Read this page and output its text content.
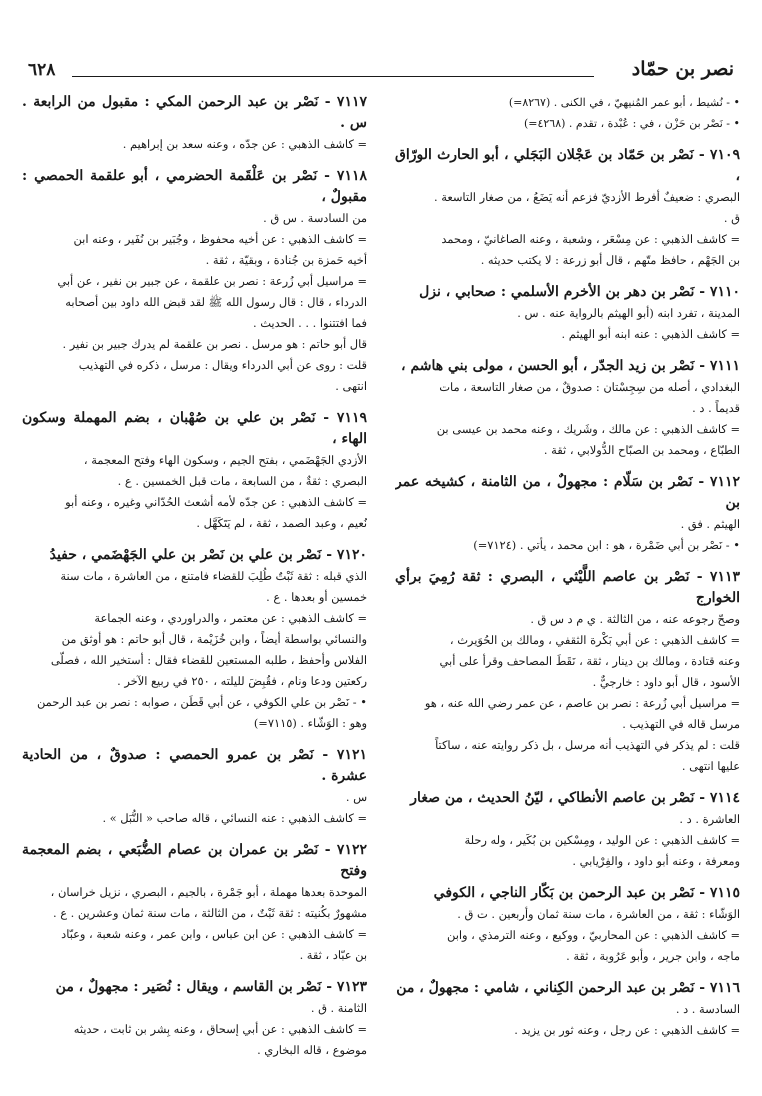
نصر بن حمّاد
٦٢٨
• - نُشيط ، أبو عمر المُنيهيّ ، في الكنى . (٨٢٦٧=)
• - نَصْر بن حَزْن ، في : عُبْدة ، تقدم . (٤٢٦٨=)
٧١٠٩ - نَصْر بن حَمّاد بن عَجْلان البَجَلي ، أبو الحارث الورّاق ،
البصري : ضعيفٌ أفرط الأزديّ فزعم أنه يَضَعُ ، من صغار التاسعة .
ق .
= كاشف الذهبي : عن مِسْعَر ، وشعبة ، وعنه الصاغانيّ ، ومحمد
بن الجَهْم ، حافظ متّهم ، قال أبو زرعة : لا يكتب حديثه .
٧١١٠ - نَصْر بن دهر بن الأخرم الأسلمي : صحابي ، نزل
المدينة ، تفرد ابنه (أبو الهيثم بالرواية عنه . س .
= كاشف الذهبي : عنه ابنه أبو الهيثم .
٧١١١ - نَصْر بن زيد الجدّر ، أبو الحسن ، مولى بني هاشم ،
البغدادي ، أصله من سِجِسْتان : صدوقٌ ، من صغار التاسعة ، مات
قديماً . د .
= كاشف الذهبي : عن مالك ، وشَريك ، وعنه محمد بن عيسى بن
الطبّاع ، ومحمد بن الصبّاح الدُّولابي ، ثقة .
٧١١٢ - نَصْر بن سَلّام : مجهولٌ ، من الثامنة ، كشيخه عمر بن
الهيثم . فق .
• - نَصْر بن أبي ضَمْرة ، هو : ابن محمد ، يأتي . (٧١٢٤=)
٧١١٣ - نَصْر بن عاصم اللَّيْثي ، البصري : ثقة رُمِيَ برأي الخوارج
وصحّ رجوعه عنه ، من الثالثة . ي م د س ق .
= كاشف الذهبي : عن أبي بَكْرة الثقفي ، ومالك بن الحُوَيرث ،
وعنه قتادة ، ومالك بن دينار ، ثقة ، نَقَطَ المصاحف وقرأ على أبي
الأسود ، قال أبو داود : خارجيٌّ .
= مراسيل أبي زُرعة : نصر بن عاصم ، عن عمر رضي الله عنه ، هو
مرسل قاله في التهذيب .
قلت : لم يذكر في التهذيب أنه مرسل ، بل ذكر روايته عنه ، ساكتاً
عليها انتهى .
٧١١٤ - نَصْر بن عاصم الأنطاكي ، ليّنُ الحديث ، من صغار
العاشرة . د .
= كاشف الذهبي : عن الوليد ، ومِسْكين بن بُكَير ، وله رحلة
ومعرفة ، وعنه أبو داود ، والفِرْيابي .
٧١١٥ - نَصْر بن عبد الرحمن بن بَكّار الناجي ، الكوفي
الوَشّاء : ثقة ، من العاشرة ، مات سنة ثمان وأربعين . ت ق .
= كاشف الذهبي : عن المحاربيّ ، ووكيع ، وعنه الترمذي ، وابن
ماجه ، وابن جرير ، وأبو عَرُوبة ، ثقة .
٧١١٦ - نَصْر بن عبد الرحمن الكِناني ، شامي : مجهولٌ ، من
السادسة . د .
= كاشف الذهبي : عن رجل ، وعنه ثور بن يزيد .
٧١١٧ - نَصْر بن عبد الرحمن المكي : مقبول من الرابعة . س .
= كاشف الذهبي : عن جدّه ، وعنه سعد بن إبراهيم .
٧١١٨ - نَصْر بن عَلْقَمة الحضرمي ، أبو علقمة الحمصي : مقبولٌ ،
من السادسة . س ق .
= كاشف الذهبي : عن أخيه محفوظ ، وجُبَير بن نُفَير ، وعنه ابن
أخيه حَمزة بن جُنادة ، وبقيّة ، ثقة .
= مراسيل أبي زُرعة : نصر بن علقمة ، عن جبير بن نفير ، عن أبي
الدرداء ، قال : قال رسول الله ﷺ لقد قبض الله داود بين أصحابه
فما افتتنوا . . . الحديث .
قال أبو حاتم : هو مرسل . نصر بن علقمة لم يدرك جبير بن نفير .
قلت : روى عن أبي الدرداء ويقال : مرسل ، ذكره في التهذيب
انتهى .
٧١١٩ - نَصْر بن علي بن صُهْبان ، بضم المهملة وسكون الهاء ،
الأزدي الجَهْضَمي ، بفتح الجيم ، وسكون الهاء وفتح المعجمة ،
البصري : ثقةٌ ، من السابعة ، مات قبل الخمسين . ع .
= كاشف الذهبي : عن جدّه لأمه أشعث الحُدّاني وغيره ، وعنه أبو
نُعيم ، وعبد الصمد ، ثقة ، لم يَتَكَهَّل .
٧١٢٠ - نَصْر بن علي بن نَصْر بن علي الجَهْضَمي ، حفيدُ
الذي قبله : ثقة ثَبْتٌ طُلِبَ للقضاء فامتنع ، من العاشرة ، مات سنة
خمسين أو بعدها . ع .
= كاشف الذهبي : عن معتمر ، والدراوردي ، وعنه الجماعة
والنسائي بواسطة أيضاً ، وابن خُزَيْمة ، قال أبو حاتم : هو أوثق من
الفلاس وأحفظ ، طلبه المستعين للقضاء فقال : أستخير الله ، فصلّى
ركعتين ودعا ونام ، فقُبِضَ لليلته ، ٢٥٠ في ربيع الآخر .
• - نَصْر بن علي الكوفي ، عن أبي قَطَن ، صوابه : نصر بن عبد الرحمن
وهو : الوَشّاء . (٧١١٥=)
٧١٢١ - نَصْر بن عمرو الحمصي : صدوقٌ ، من الحادية عشرة .
س .
= كاشف الذهبي : عنه النسائي ، قاله صاحب « النُّبَل » .
٧١٢٢ - نَصْر بن عمران بن عصام الضُّبَعي ، بضم المعجمة وفتح
الموحدة بعدها مهملة ، أبو جَمْرة ، بالجيم ، البصري ، نزيل خراسان ،
مشهورٌ بكُنيته : ثقة ثَبْتٌ ، من الثالثة ، مات سنة ثمان وعشرين . ع .
= كاشف الذهبي : عن ابن عباس ، وابن عمر ، وعنه شعبة ، وعبّاد
بن عبّاد ، ثقة .
٧١٢٣ - نَصْر بن القاسم ، ويقال : نُصَير : مجهولٌ ، من
الثامنة . ق .
= كاشف الذهبي : عن أبي إسحاق ، وعنه بِشر بن ثابت ، حديثه
موضوع ، قاله البخاري .
